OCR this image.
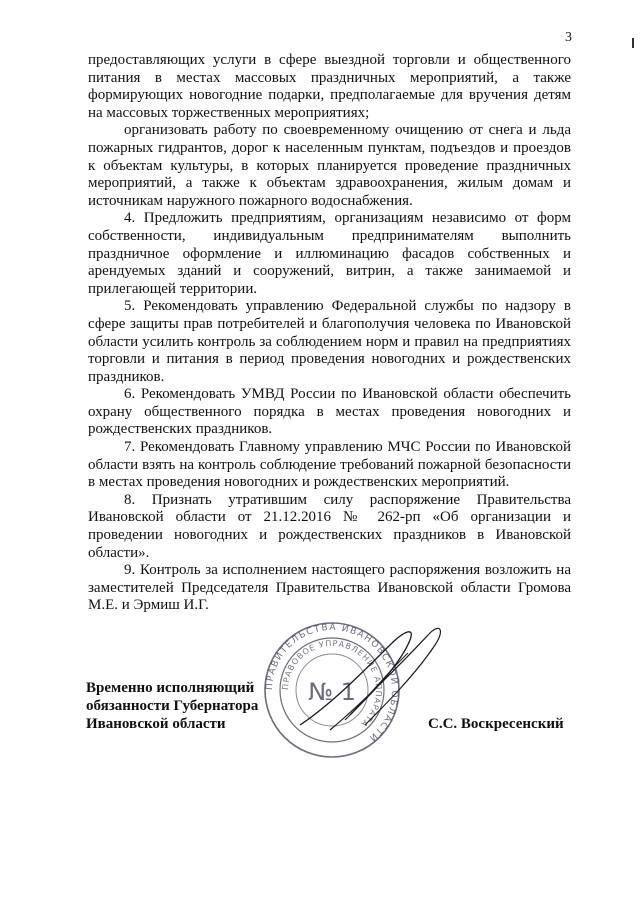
3

предоставляющих услуги в сфере выездной торговли и общественного питания в местах массовых праздничных мероприятий, а также формирующих новогодние подарки, предполагаемые для вручения детям на массовых торжественных мероприятиях;

организовать работу по своевременному очищению от снега и льда пожарных гидрантов, дорог к населенным пунктам, подъездов и проездов к объектам культуры, в которых планируется проведение праздничных мероприятий, а также к объектам здравоохранения, жилым домам и источникам наружного пожарного водоснабжения.

4. Предложить предприятиям, организациям независимо от форм собственности, индивидуальным предпринимателям выполнить праздничное оформление и иллюминацию фасадов собственных и арендуемых зданий и сооружений, витрин, а также занимаемой и прилегающей территории.

5. Рекомендовать управлению Федеральной службы по надзору в сфере защиты прав потребителей и благополучия человека по Ивановской области усилить контроль за соблюдением норм и правил на предприятиях торговли и питания в период проведения новогодних и рождественских праздников.

6. Рекомендовать УМВД России по Ивановской области обеспечить охрану общественного порядка в местах проведения новогодних и рождественских праздников.

7. Рекомендовать Главному управлению МЧС России по Ивановской области взять на контроль соблюдение требований пожарной безопасности в местах проведения новогодних и рождественских мероприятий.

8. Признать утратившим силу распоряжение Правительства Ивановской области от 21.12.2016 № 262-рп «Об организации и проведении новогодних и рождественских праздников в Ивановской области».

9. Контроль за исполнением настоящего распоряжения возложить на заместителей Председателя Правительства Ивановской области Громова М.Е. и Эрмиш И.Г.

ПРАВИТЕЛЬСТВА ИВАНОВСКОЙ ОБЛАСТИ
ПРАВОВОЕ УПРАВЛЕНИЕ АППАРАТА
№ 1
Временно исполняющий
обязанности Губернатора
Ивановской области	С.С. Воскресенский
